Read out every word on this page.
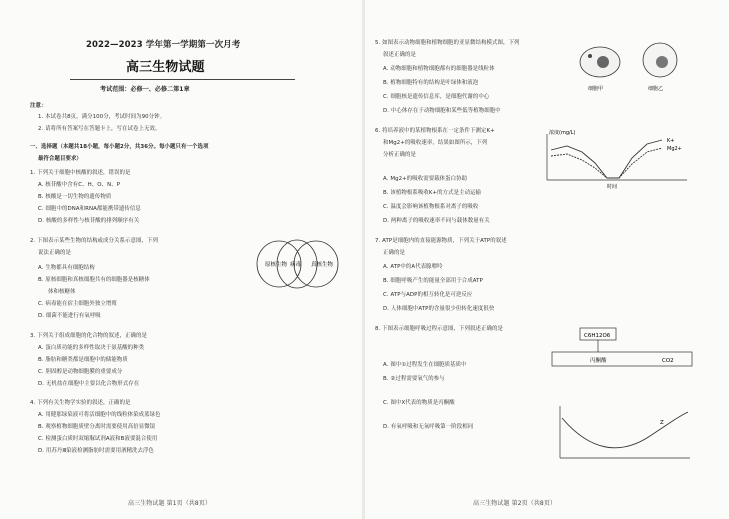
2022—2023 学年第一学期第一次月考
高三生物试题
考试范围：必修一、必修二第1章
注意：
1. 本试卷共8页，满分100分，考试时间为90分钟。
2. 请将所有答案写在答题卡上，写在试卷上无效。
一、选择题（本题共18小题，每小题2分，共36分。每小题只有一个选项
最符合题目要求）
1. 下列关于细胞中核酸的叙述，错误的是
A. 核苷酸中含有C、H、O、N、P
B. 核酸是一切生物的遗传物质
C. 细胞中的DNA和RNA都能携带遗传信息
D. 核酸的多样性与核苷酸的排列顺序有关
2. 下图表示某些生物的结构或成分关系示意图，下列
说法正确的是
A. 生物都具有细胞结构
B. 原核细胞和真核细胞共有的细胞器是核糖体
体和核糖体
C. 病毒能在宿主细胞外独立增殖
D. 细菌不能进行有氧呼吸
原核生物 病毒 真核生物
3. 下列关于组成细胞的化合物的叙述，正确的是
A. 蛋白质功能的多样性取决于氨基酸的种类
B. 脂肪和糖类都是细胞中的储能物质
C. 胆固醇是动物细胞膜的重要成分
D. 无机盐在细胞中主要以化合物形式存在
4. 下列有关生物学实验的叙述，正确的是
A. 用健那绿染液可将活细胞中的线粒体染成蓝绿色
B. 观察植物细胞质壁分离时需要使用高倍显微镜
C. 检测蛋白质时双缩脲试剂A液和B液要混合使用
D. 用苏丹Ⅲ染液检测脂肪时需要用酒精洗去浮色
高三生物试题 第1页（共8页）
5. 如图表示动物细胞和植物细胞的亚显微结构模式图，下列
叙述正确的是
A. 动物细胞和植物细胞都有的细胞器是线粒体
B. 植物细胞特有的结构是叶绿体和液泡
C. 细胞核是遗传信息库，是细胞代谢的中心
D. 中心体存在于动物细胞和某些低等植物细胞中
细胞甲	细胞乙
6. 将培养液中的某植物根系在一定条件下测定K+
和Mg2+的吸收速率，结果如图所示，下列
分析正确的是
A. Mg2+的吸收需要载体蛋白协助
B. 该植物根系吸收K+的方式是主动运输
C. 温度会影响该植物根系对离子的吸收
D. 两种离子的吸收速率不同与载体数量有关
浓度(mg/L)
K+
Mg2+
时间
7. ATP是细胞内的直接能源物质，下列关于ATP的叙述
正确的是
A. ATP中的A代表腺嘌呤
B. 细胞呼吸产生的能量全部用于合成ATP
C. ATP与ADP的相互转化是可逆反应
D. 人体细胞中ATP的含量很少但转化速度很快
8. 下图表示细胞呼吸过程示意图，下列叙述正确的是
A. 图中①过程发生在细胞质基质中
B. ②过程需要氧气的参与
C. 图中X代表的物质是丙酮酸
D. 有氧呼吸和无氧呼吸第一阶段相同
C6H12O6
丙酮酸	CO2
Z
高三生物试题 第2页（共8页）
